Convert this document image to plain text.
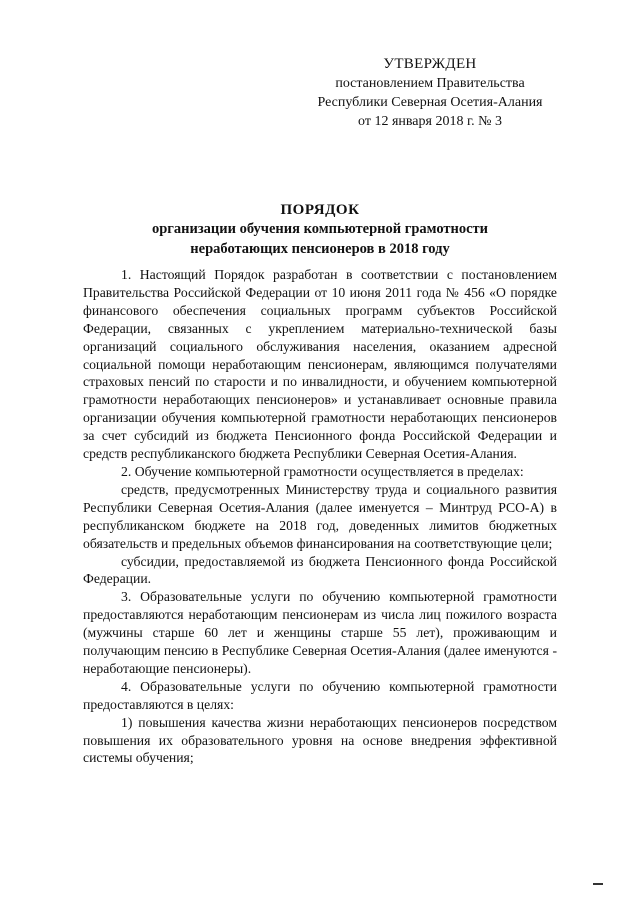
УТВЕРЖДЕН
постановлением Правительства
Республики Северная Осетия-Алания
от 12 января 2018 г. № 3
ПОРЯДОК
организации обучения компьютерной грамотности
неработающих пенсионеров в 2018 году

1. Настоящий Порядок разработан в соответствии с постановлением Правительства Российской Федерации от 10 июня 2011 года № 456 «О порядке финансового обеспечения социальных программ субъектов Российской Федерации, связанных с укреплением материально-технической базы организаций социального обслуживания населения, оказанием адресной социальной помощи неработающим пенсионерам, являющимся получателями страховых пенсий по старости и по инвалидности, и обучением компьютерной грамотности неработающих пенсионеров» и устанавливает основные правила организации обучения компьютерной грамотности неработающих пенсионеров за счет субсидий из бюджета Пенсионного фонда Российской Федерации и средств республиканского бюджета Республики Северная Осетия-Алания.

2. Обучение компьютерной грамотности осуществляется в пределах:

средств, предусмотренных Министерству труда и социального развития Республики Северная Осетия-Алания (далее именуется – Минтруд РСО-А) в республиканском бюджете на 2018 год, доведенных лимитов бюджетных обязательств и предельных объемов финансирования на соответствующие цели;

субсидии, предоставляемой из бюджета Пенсионного фонда Российской Федерации.

3. Образовательные услуги по обучению компьютерной грамотности предоставляются неработающим пенсионерам из числа лиц пожилого возраста (мужчины старше 60 лет и женщины старше 55 лет), проживающим и получающим пенсию в Республике Северная Осетия-Алания (далее именуются - неработающие пенсионеры).

4. Образовательные услуги по обучению компьютерной грамотности предоставляются в целях:

1) повышения качества жизни неработающих пенсионеров посредством повышения их образовательного уровня на основе внедрения эффективной системы обучения;
